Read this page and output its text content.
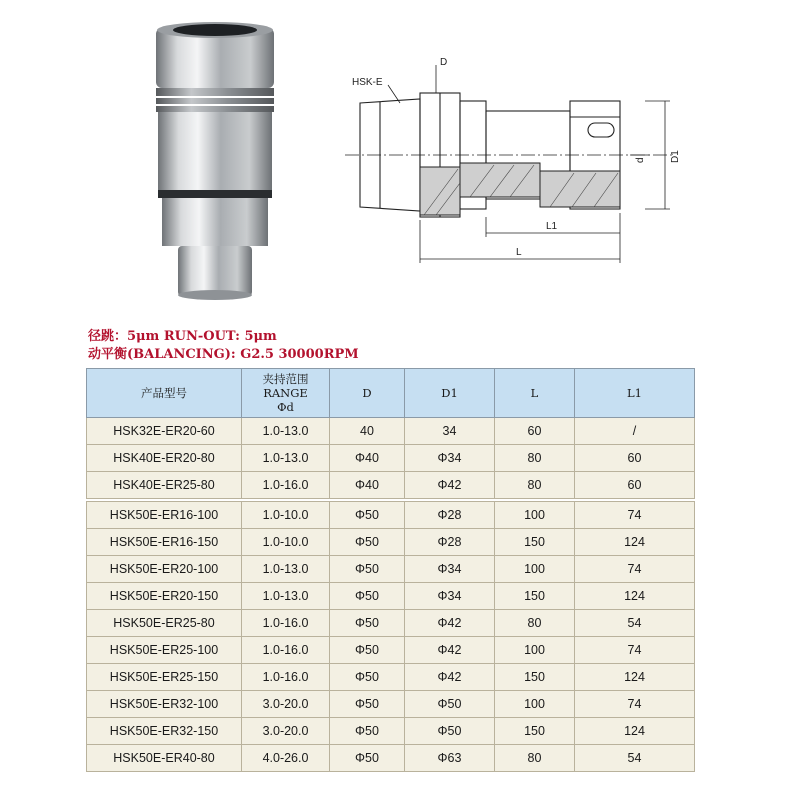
HSK-E
D
d D1
L1
L
径跳：5μm RUN-OUT: 5μm
动平衡(BALANCING): G2.5 30000RPM
产品型号	夹持范围
RANGE
Φd	D	D1	L	L1
HSK32E-ER20-60	1.0-13.0	40	34	60	/
HSK40E-ER20-80	1.0-13.0	Φ40	Φ34	80	60
HSK40E-ER25-80	1.0-16.0	Φ40	Φ42	80	60

HSK50E-ER16-100	1.0-10.0	Φ50	Φ28	100	74
HSK50E-ER16-150	1.0-10.0	Φ50	Φ28	150	124
HSK50E-ER20-100	1.0-13.0	Φ50	Φ34	100	74
HSK50E-ER20-150	1.0-13.0	Φ50	Φ34	150	124
HSK50E-ER25-80	1.0-16.0	Φ50	Φ42	80	54
HSK50E-ER25-100	1.0-16.0	Φ50	Φ42	100	74
HSK50E-ER25-150	1.0-16.0	Φ50	Φ42	150	124
HSK50E-ER32-100	3.0-20.0	Φ50	Φ50	100	74
HSK50E-ER32-150	3.0-20.0	Φ50	Φ50	150	124
HSK50E-ER40-80	4.0-26.0	Φ50	Φ63	80	54
